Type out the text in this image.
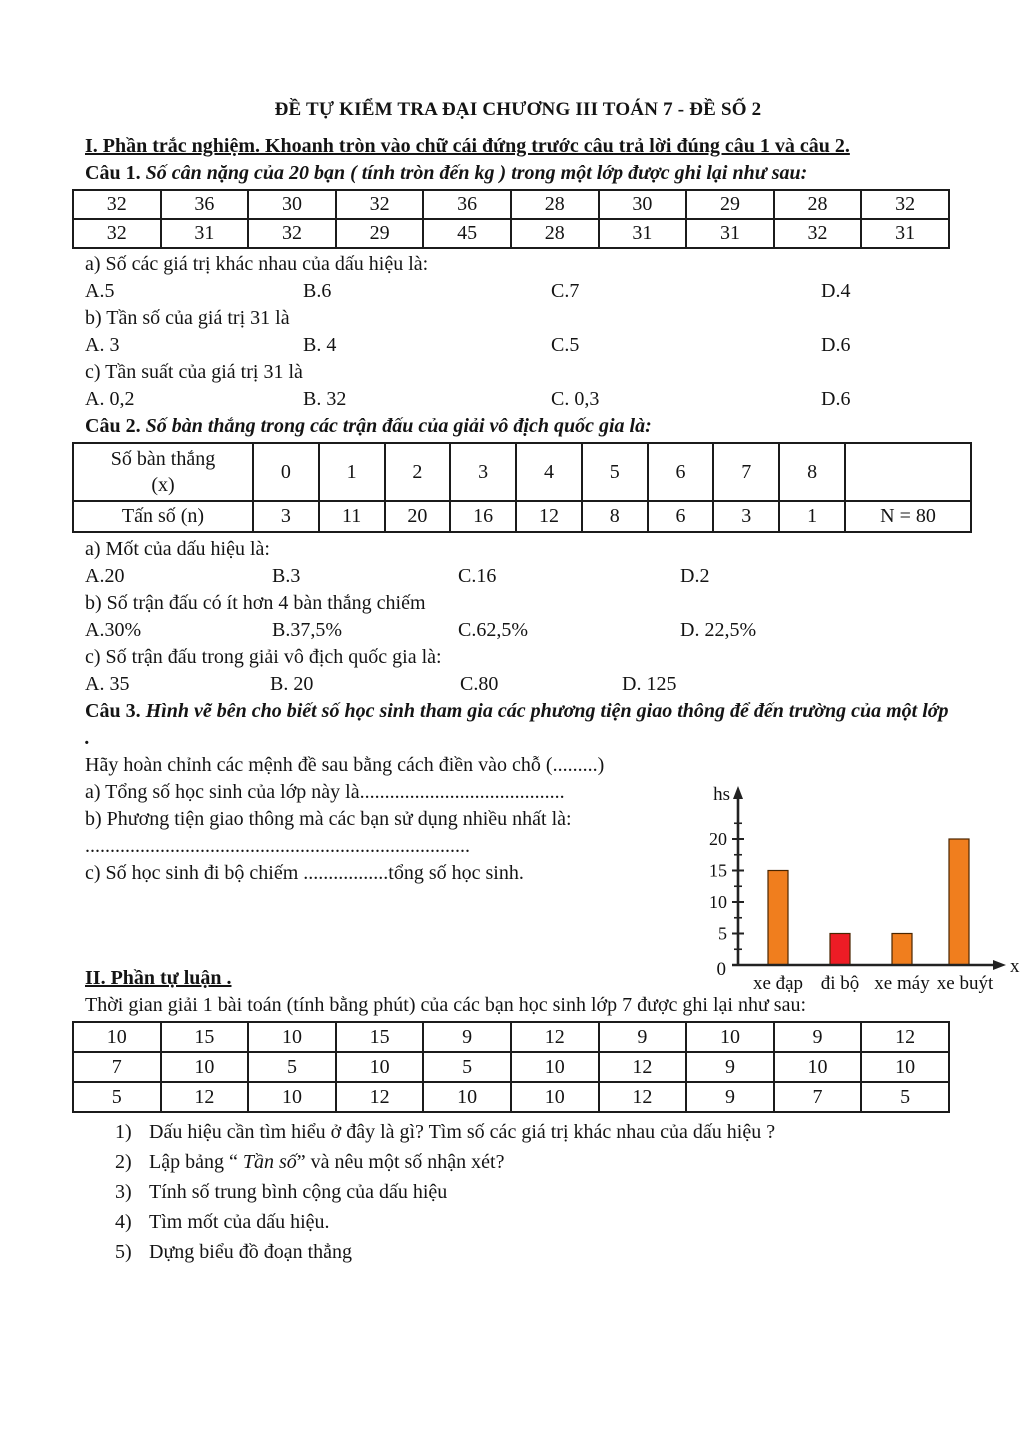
ĐỀ TỰ KIỂM TRA ĐẠI CHƯƠNG III TOÁN 7 - ĐỀ SỐ 2
I. Phần trắc nghiệm. Khoanh tròn vào chữ cái đứng trước câu trả lời đúng câu 1 và câu 2.

Câu 1. Số cân nặng của 20 bạn ( tính tròn đến kg ) trong một lớp được ghi lại như sau:

32	36	30	32	36	28	30	29	28	32
32	31	32	29	45	28	31	31	32	31
a) Số các giá trị khác nhau của dấu hiệu là:
A.5	B.6	C.7	D.4
b) Tần số của giá trị 31 là
A. 3	B. 4	C.5	D.6
c) Tần suất của giá trị 31 là
A. 0,2	B. 32	C. 0,3	D.6

Câu 2. Số bàn thắng trong các trận đấu của giải vô địch quốc gia là:

Số bàn thắng
(x)	0	1	2	3	4	5	6	7	8	
Tấn số (n)	3	11	20	16	12	8	6	3	1	N = 80
a) Mốt của dấu hiệu là:
A.20	B.3	C.16	D.2
b) Số trận đấu có ít hơn 4 bàn thắng chiếm
A.30%	B.37,5%	C.62,5%	D. 22,5%
c) Số trận đấu trong giải vô địch quốc gia là:
A. 35	B. 20	C.80	D. 125

Câu 3. Hình vẽ bên cho biết số học sinh tham gia các phương tiện giao thông để đến trường của một lớp .

Hãy hoàn chỉnh các mệnh đề sau bằng cách điền vào chỗ (.........)
a) Tổng số học sinh của lớp này là.........................................
b) Phương tiện giao thông mà các bạn sử dụng nhiều nhất là:
.............................................................................
c) Số học sinh đi bộ chiếm .................tổng số học sinh.
II. Phần tự luận .
Thời gian giải 1 bài toán (tính bằng phút) của các bạn học sinh lớp 7 được ghi lại như sau:
10	15	10	15	9	12	9	10	9	12
7	10	5	10	5	10	12	9	10	10
5	12	10	12	10	10	12	9	7	5
1) Dấu hiệu cần tìm hiểu ở đây là gì? Tìm số các giá trị khác nhau của dấu hiệu ?
2) Lập bảng “ Tần số” và nêu một số nhận xét?
3) Tính số trung bình cộng của dấu hiệu
4) Tìm mốt của dấu hiệu.
5) Dựng biểu đồ đoạn thẳng
5
10
15
20
hs
x
0
xe đạp đi bộ xe máy xe buýt
